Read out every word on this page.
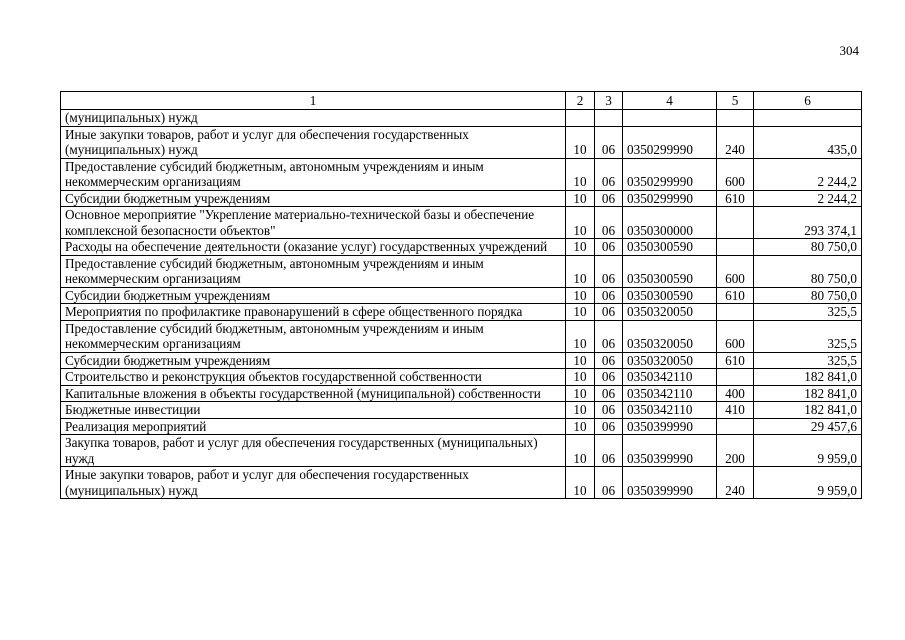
304
1	2	3	4	5	6
(муниципальных) нужд					
Иные закупки товаров, работ и услуг для обеспечения государственных (муниципальных) нужд	10	06	0350299990	240	435,0
Предоставление субсидий бюджетным, автономным учреждениям и иным некоммерческим организациям	10	06	0350299990	600	2 244,2
Субсидии бюджетным учреждениям	10	06	0350299990	610	2 244,2
Основное мероприятие "Укрепление материально-технической базы и обеспечение комплексной безопасности объектов"	10	06	0350300000		293 374,1
Расходы на обеспечение деятельности (оказание услуг) государственных учреждений	10	06	0350300590		80 750,0
Предоставление субсидий бюджетным, автономным учреждениям и иным некоммерческим организациям	10	06	0350300590	600	80 750,0
Субсидии бюджетным учреждениям	10	06	0350300590	610	80 750,0
Мероприятия по профилактике правонарушений в сфере общественного порядка	10	06	0350320050		325,5
Предоставление субсидий бюджетным, автономным учреждениям и иным некоммерческим организациям	10	06	0350320050	600	325,5
Субсидии бюджетным учреждениям	10	06	0350320050	610	325,5
Строительство и реконструкция объектов государственной собственности	10	06	0350342110		182 841,0
Капитальные вложения в объекты государственной (муниципальной) собственности	10	06	0350342110	400	182 841,0
Бюджетные инвестиции	10	06	0350342110	410	182 841,0
Реализация мероприятий	10	06	0350399990		29 457,6
Закупка товаров, работ и услуг для обеспечения государственных (муниципальных) нужд	10	06	0350399990	200	9 959,0
Иные закупки товаров, работ и услуг для обеспечения государственных (муниципальных) нужд	10	06	0350399990	240	9 959,0
